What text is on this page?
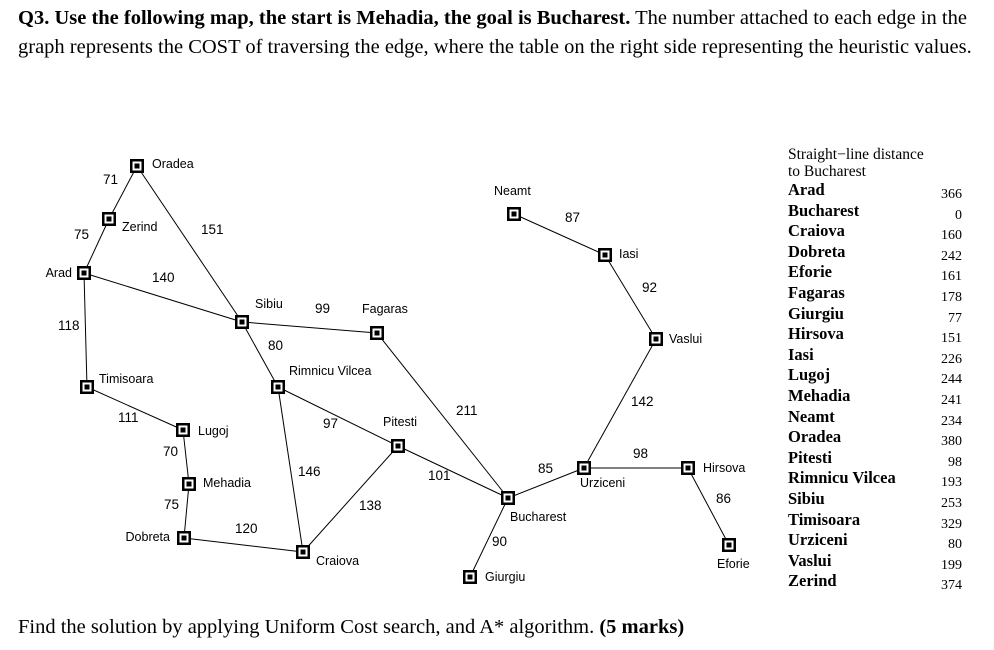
Q3. Use the following map, the start is Mehadia, the goal is Bucharest. The number attached to each edge in the graph represents the COST of traversing the edge, where the table on the right side representing the heuristic values.
71
75	151
140
118
111
70
75
120
99
80
97
146
138
211
101
90
85
98
86
142
92
87
Oradea
Zerind
Arad
Timisoara
Lugoj
Mehadia
Dobreta
Sibiu	Fagaras
Rimnicu Vilcea
Pitesti
Craiova
Bucharest
Giurgiu
Urziceni
Hirsova
Eforie
Vaslui
Iasi
Neamt
Straight−line distance
to Bucharest
Arad	366
Bucharest	0
Craiova	160
Dobreta	242
Eforie	161
Fagaras	178
Giurgiu	77
Hirsova	151
Iasi	226
Lugoj	244
Mehadia	241
Neamt	234
Oradea	380
Pitesti	98
Rimnicu Vilcea	193
Sibiu	253
Timisoara	329
Urziceni	80
Vaslui	199
Zerind	374
Find the solution by applying Uniform Cost search, and A* algorithm. (5 marks)
